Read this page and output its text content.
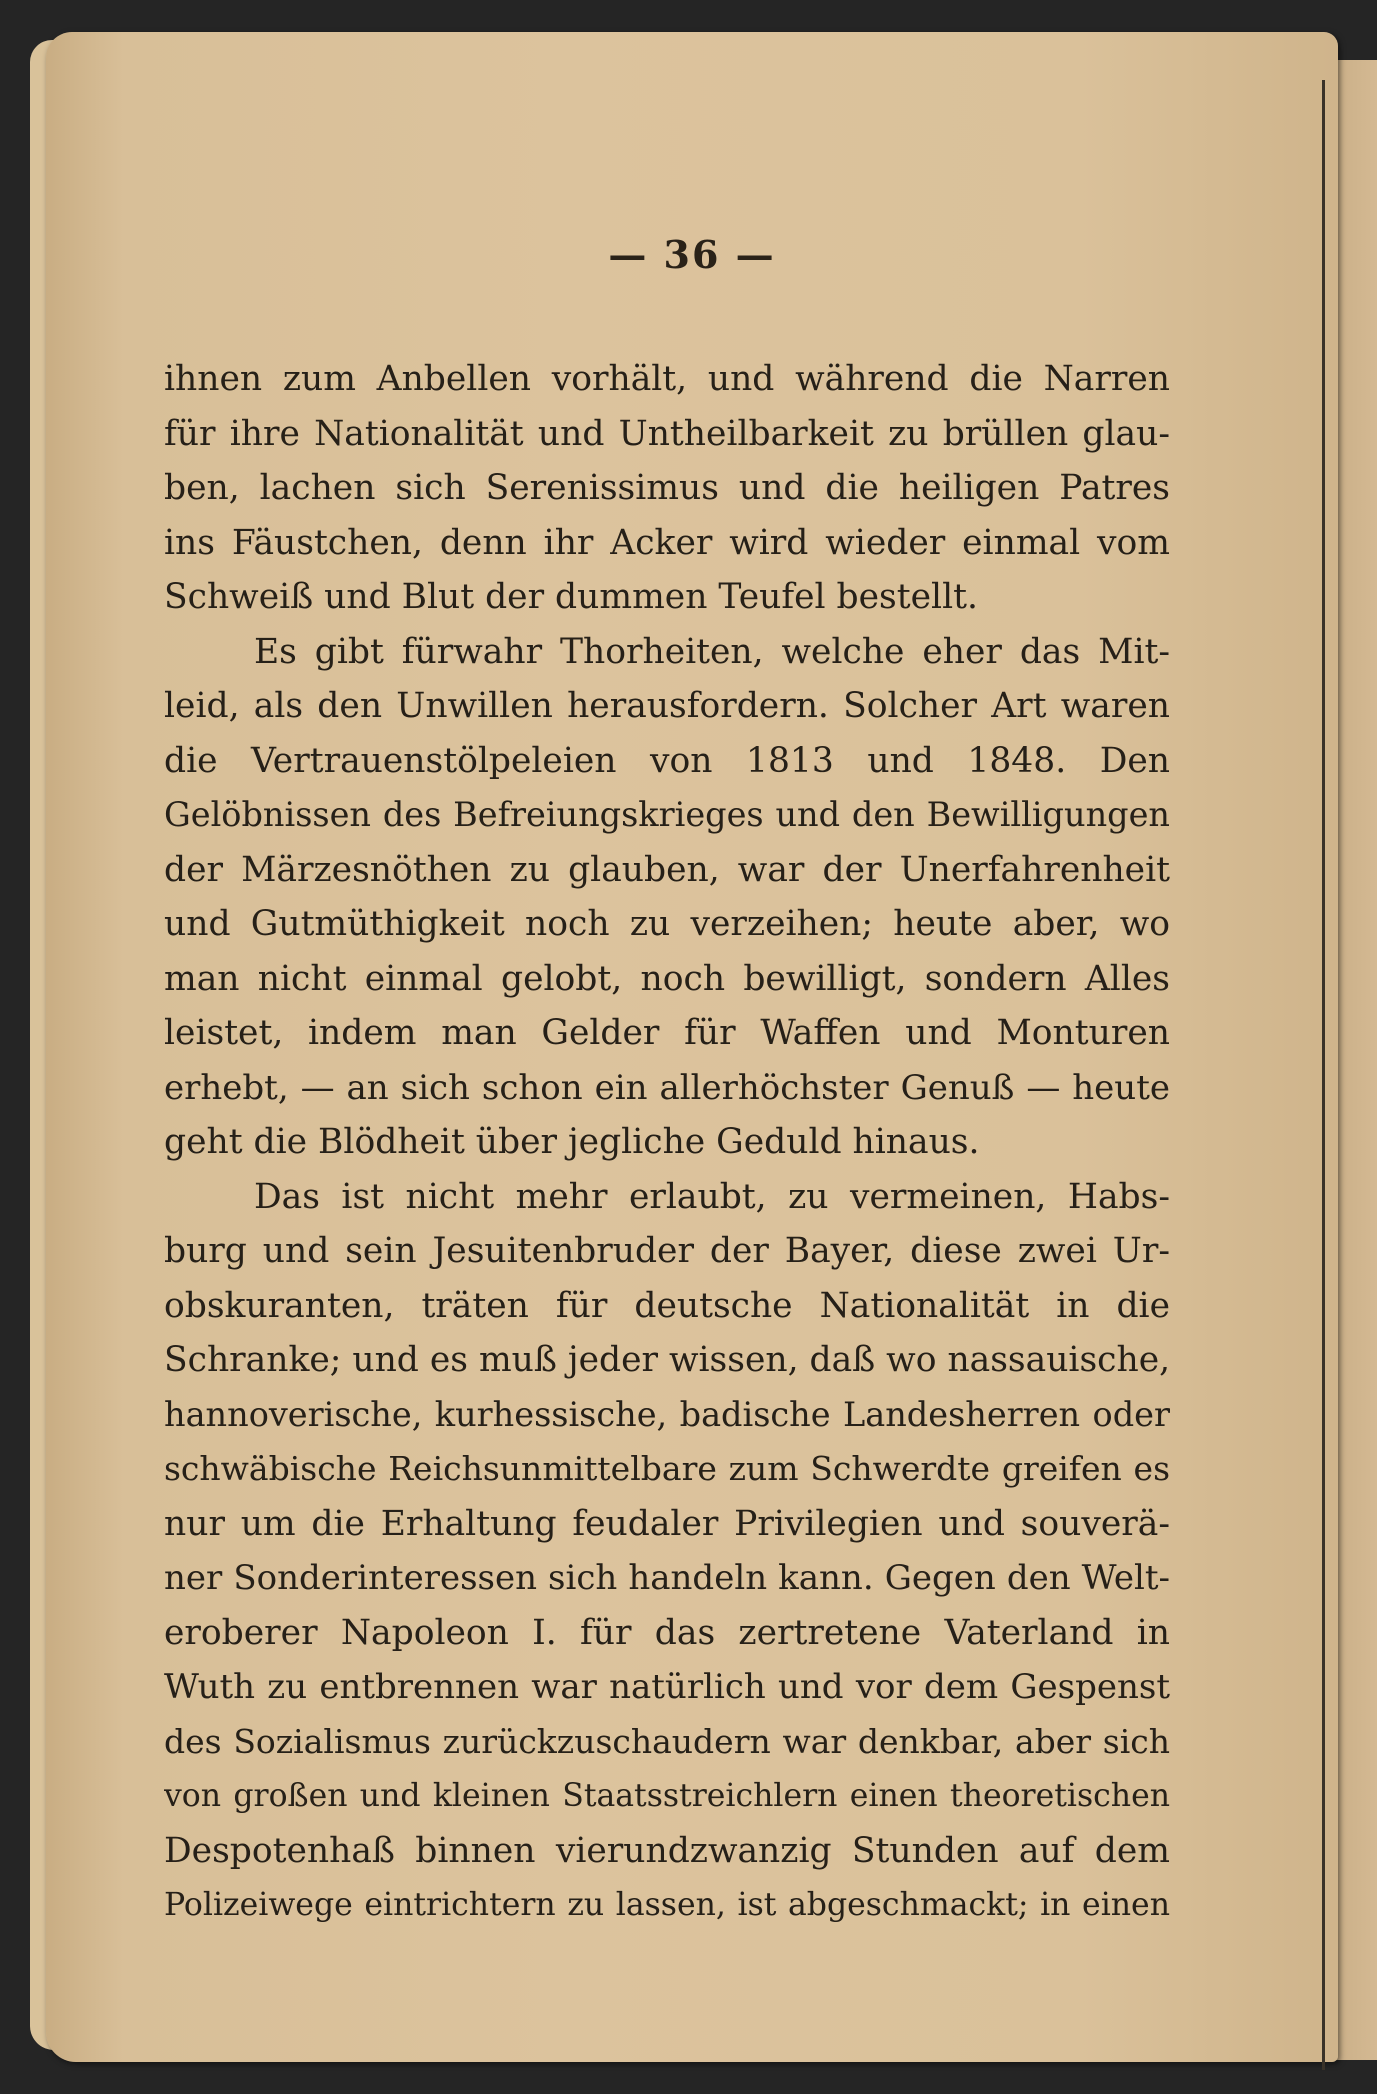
— 36 —
ihnen zum Anbellen vorhält, und während die Narren
für ihre Nationalität und Untheilbarkeit zu brüllen glau-
ben, lachen sich Serenissimus und die heiligen Patres
ins Fäustchen, denn ihr Acker wird wieder einmal vom
Schweiß und Blut der dummen Teufel bestellt.
Es gibt fürwahr Thorheiten, welche eher das Mit-
leid, als den Unwillen herausfordern. Solcher Art waren
die Vertrauenstölpeleien von 1813 und 1848. Den
Gelöbnissen des Befreiungskrieges und den Bewilligungen
der Märzesnöthen zu glauben, war der Unerfahrenheit
und Gutmüthigkeit noch zu verzeihen; heute aber, wo
man nicht einmal gelobt, noch bewilligt, sondern Alles
leistet, indem man Gelder für Waffen und Monturen
erhebt, — an sich schon ein allerhöchster Genuß — heute
geht die Blödheit über jegliche Geduld hinaus.
Das ist nicht mehr erlaubt, zu vermeinen, Habs-
burg und sein Jesuitenbruder der Bayer, diese zwei Ur-
obskuranten, träten für deutsche Nationalität in die
Schranke; und es muß jeder wissen, daß wo nassauische,
hannoverische, kurhessische, badische Landesherren oder
schwäbische Reichsunmittelbare zum Schwerdte greifen es
nur um die Erhaltung feudaler Privilegien und souverä-
ner Sonderinteressen sich handeln kann. Gegen den Welt-
eroberer Napoleon I. für das zertretene Vaterland in
Wuth zu entbrennen war natürlich und vor dem Gespenst
des Sozialismus zurückzuschaudern war denkbar, aber sich
von großen und kleinen Staatsstreichlern einen theoretischen
Despotenhaß binnen vierundzwanzig Stunden auf dem
Polizeiwege eintrichtern zu lassen, ist abgeschmackt; in einen
